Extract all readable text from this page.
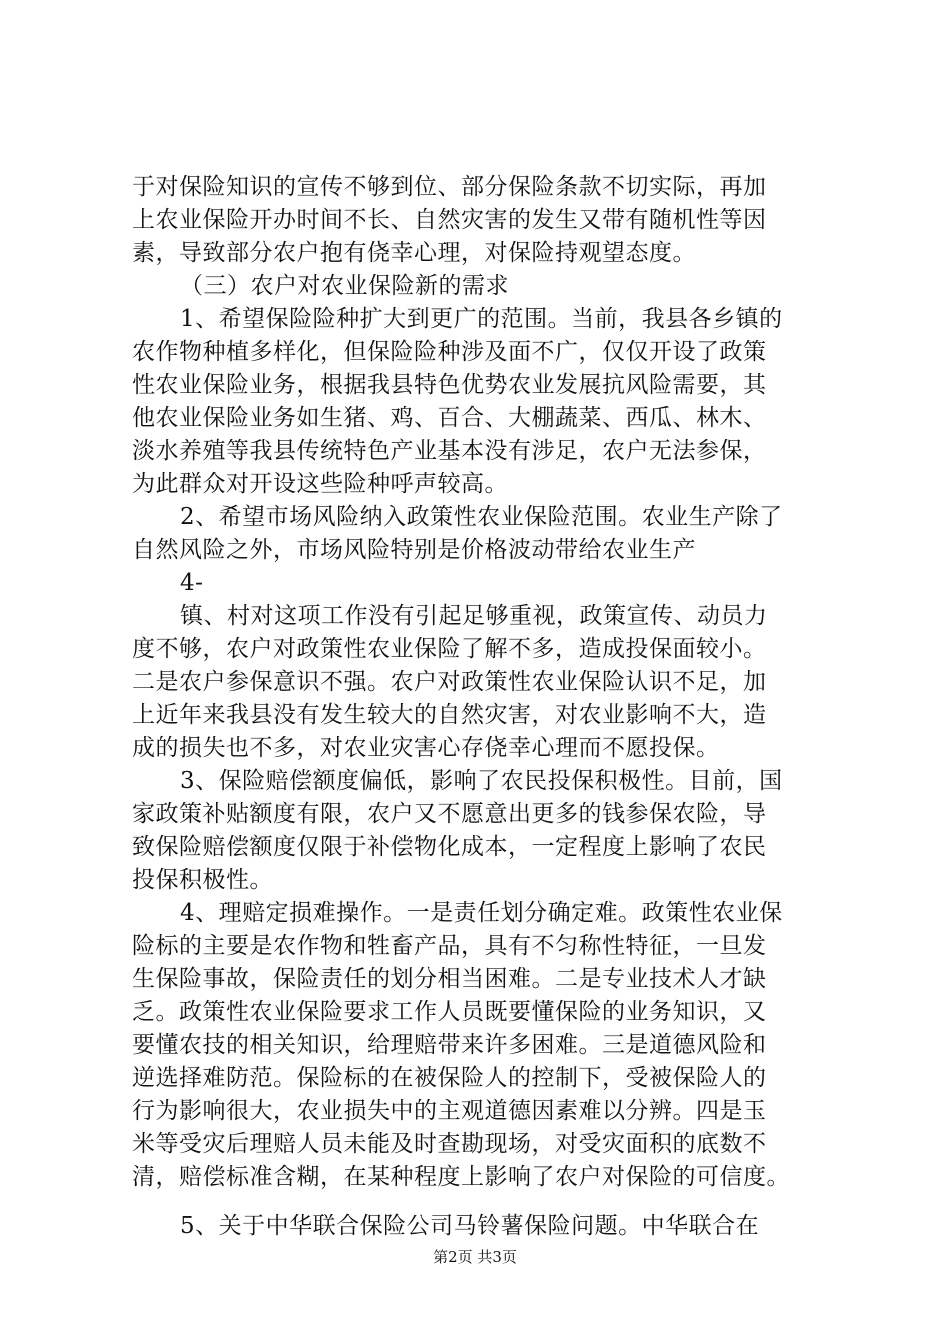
于对保险知识的宣传不够到位、部分保险条款不切实际，再加
上农业保险开办时间不长、自然灾害的发生又带有随机性等因
素，导致部分农户抱有侥幸心理，对保险持观望态度。
（三）农户对农业保险新的需求
1、希望保险险种扩大到更广的范围。当前，我县各乡镇的
农作物种植多样化，但保险险种涉及面不广，仅仅开设了政策
性农业保险业务，根据我县特色优势农业发展抗风险需要，其
他农业保险业务如生猪、鸡、百合、大棚蔬菜、西瓜、林木、
淡水养殖等我县传统特色产业基本没有涉足，农户无法参保，
为此群众对开设这些险种呼声较高。
2、希望市场风险纳入政策性农业保险范围。农业生产除了
自然风险之外，市场风险特别是价格波动带给农业生产
4-
镇、村对这项工作没有引起足够重视，政策宣传、动员力
度不够，农户对政策性农业保险了解不多，造成投保面较小。
二是农户参保意识不强。农户对政策性农业保险认识不足，加
上近年来我县没有发生较大的自然灾害，对农业影响不大，造
成的损失也不多，对农业灾害心存侥幸心理而不愿投保。
3、保险赔偿额度偏低，影响了农民投保积极性。目前，国
家政策补贴额度有限，农户又不愿意出更多的钱参保农险，导
致保险赔偿额度仅限于补偿物化成本，一定程度上影响了农民
投保积极性。
4、理赔定损难操作。一是责任划分确定难。政策性农业保
险标的主要是农作物和牲畜产品，具有不匀称性特征，一旦发
生保险事故，保险责任的划分相当困难。二是专业技术人才缺
乏。政策性农业保险要求工作人员既要懂保险的业务知识，又
要懂农技的相关知识，给理赔带来许多困难。三是道德风险和
逆选择难防范。保险标的在被保险人的控制下，受被保险人的
行为影响很大，农业损失中的主观道德因素难以分辨。四是玉
米等受灾后理赔人员未能及时查勘现场，对受灾面积的底数不
清，赔偿标准含糊，在某种程度上影响了农户对保险的可信度。
5、关于中华联合保险公司马铃薯保险问题。中华联合在
第2页 共3页
